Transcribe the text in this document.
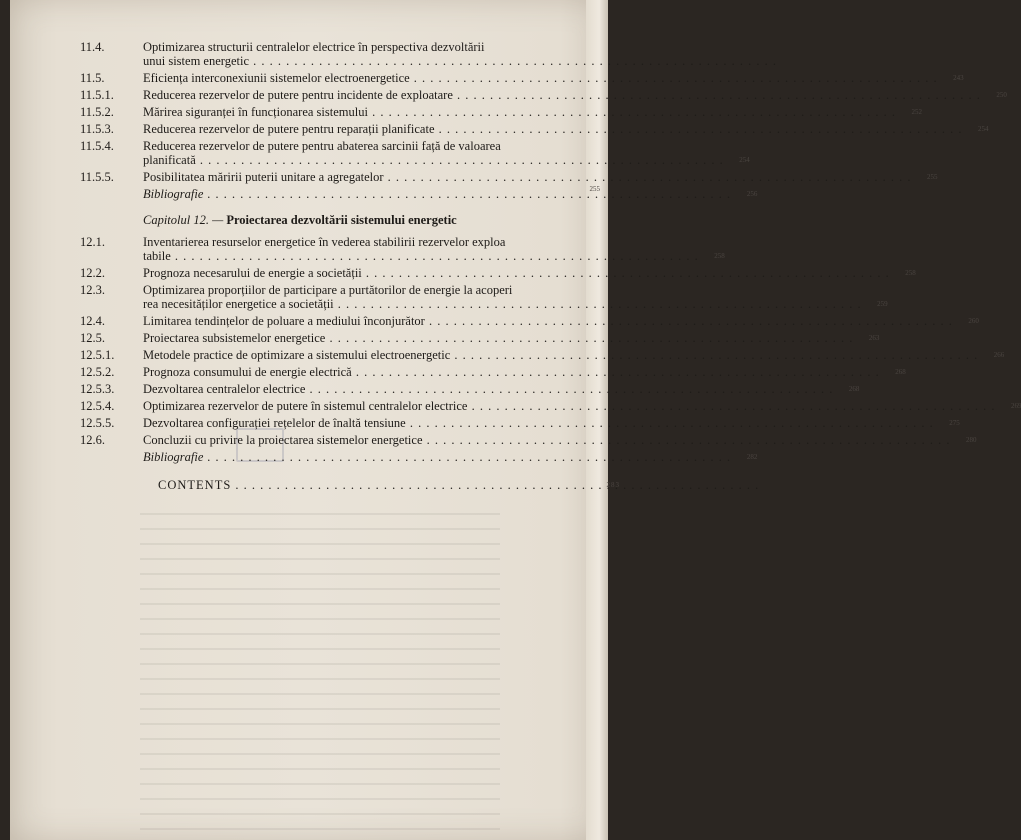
11.4.	Optimizarea structurii centralelor electrice în perspectiva dezvoltării
unui sistem energetic . . .
11.5.	Eficiența interconexiunii sistemelor electroenergetice . . .	243
11.5.1.	Reducerea rezervelor de putere pentru incidente de exploatare . . .	250
11.5.2.	Mărirea siguranței în funcționarea sistemului . . .	252
11.5.3.	Reducerea rezervelor de putere pentru reparații planificate . . .	254
11.5.4.	Reducerea rezervelor de putere pentru abaterea sarcinii față de valoarea
planificată . . .	254
11.5.5.	Posibilitatea măririi puterii unitare a agregatelor . . .	255
255
Bibliografie . . .	256
Capitolul 12. — Proiectarea dezvoltării sistemului energetic
12.1.	Inventarierea resurselor energetice în vederea stabilirii rezervelor exploa
tabile . . .	258
12.2.	Prognoza necesarului de energie a societății . . .	258
12.3.	Optimizarea proporțiilor de participare a purtătorilor de energie la acoperi
rea necesităților energetice a societății . . .	259
12.4.	Limitarea tendințelor de poluare a mediului înconjurător . . .	260
12.5.	Proiectarea subsistemelor energetice . . .	263
12.5.1.	Metodele practice de optimizare a sistemului electroenergetic . . .	266
12.5.2.	Prognoza consumului de energie electrică . . .	268
12.5.3.	Dezvoltarea centralelor electrice . . .	268
12.5.4.	Optimizarea rezervelor de putere în sistemul centralelor electrice . . .	269
12.5.5.	Dezvoltarea configurației rețelelor de înaltă tensiune . . .	275
12.6.	Concluzii cu privire la proiectarea sistemelor energetice . . .	280
Bibliografie . . .	282
CONTENTS . . .	283
